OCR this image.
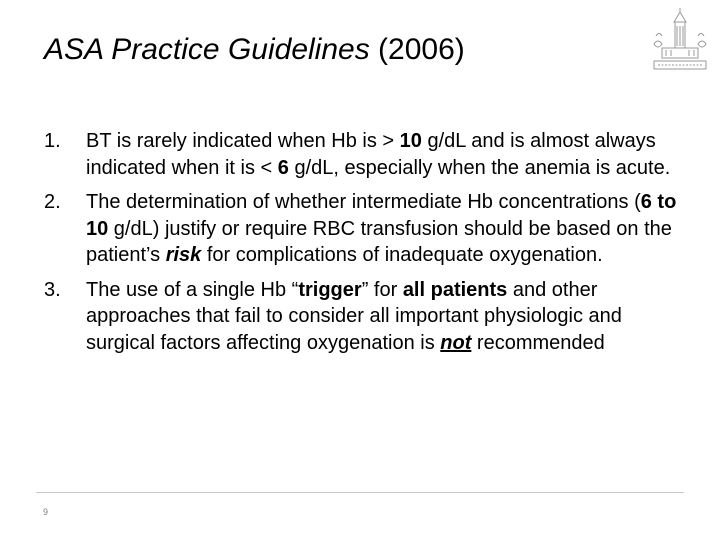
ASA Practice Guidelines (2006)
1. BT is rarely indicated when Hb is > 10 g/dL and is almost always indicated when it is < 6 g/dL, especially when the anemia is acute.
2. The determination of whether intermediate Hb concentrations (6 to 10 g/dL) justify or require RBC transfusion should be based on the patient’s risk for complications of inadequate oxygenation.
3. The use of a single Hb “trigger” for all patients and other approaches that fail to consider all important physiologic and surgical factors affecting oxygenation is not recommended
9
